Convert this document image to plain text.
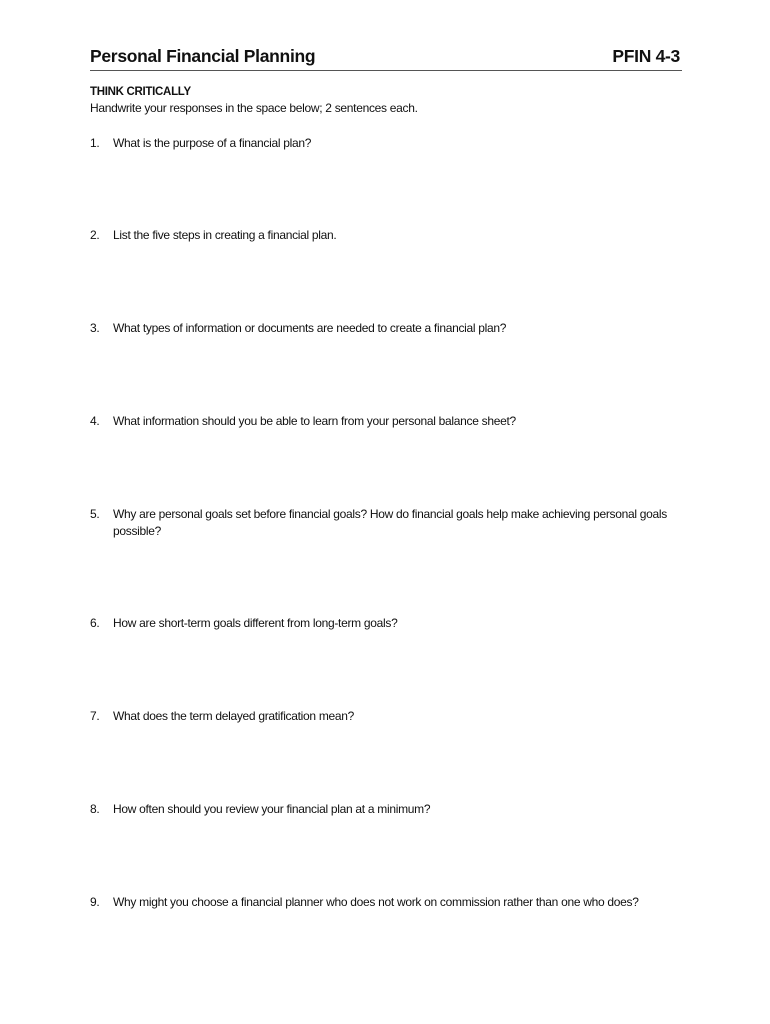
Personal Financial Planning	PFIN 4-3
THINK CRITICALLY
Handwrite your responses in the space below; 2 sentences each.
1.	What is the purpose of a financial plan?
2.	List the five steps in creating a financial plan.
3.	What types of information or documents are needed to create a financial plan?
4.	What information should you be able to learn from your personal balance sheet?
5.	Why are personal goals set before financial goals? How do financial goals help make achieving personal goals possible?
6.	How are short-term goals different from long-term goals?
7.	What does the term delayed gratification mean?
8.	How often should you review your financial plan at a minimum?
9.	Why might you choose a financial planner who does not work on commission rather than one who does?
